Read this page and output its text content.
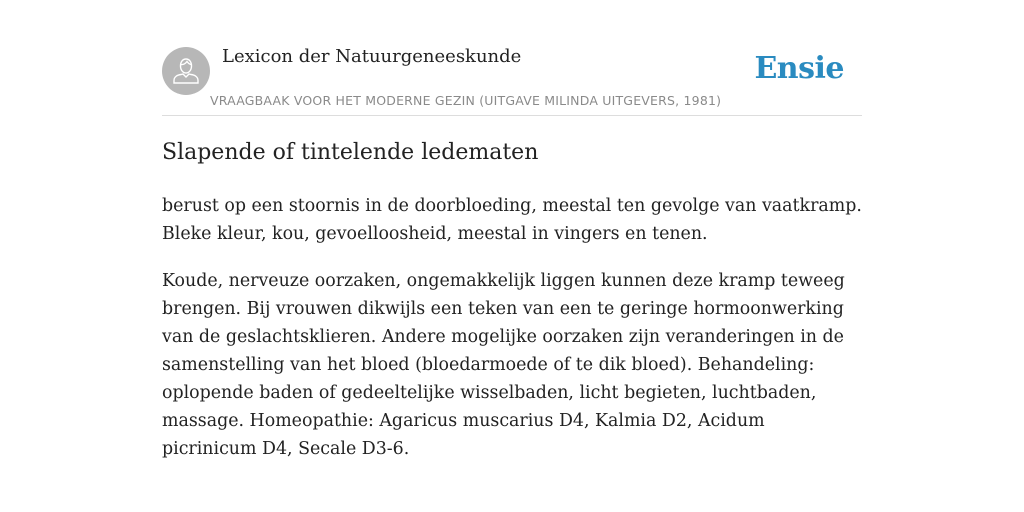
Lexicon der Natuurgeneeskunde
VRAAGBAAK VOOR HET MODERNE GEZIN (UITGAVE MILINDA UITGEVERS, 1981)
Ensie
Slapende of tintelende ledematen

berust op een stoornis in de doorbloeding, meestal ten gevolge van vaatkramp. Bleke kleur, kou, gevoelloosheid, meestal in vingers en tenen.

Koude, nerveuze oorzaken, ongemakkelijk liggen kunnen deze kramp teweeg brengen. Bij vrouwen dikwijls een teken van een te geringe hormoonwerking van de geslachtsklieren. Andere mogelijke oorzaken zijn veranderingen in de samenstelling van het bloed (bloedarmoede of te dik bloed). Behandeling: oplopende baden of gedeeltelijke wisselbaden, licht begieten, luchtbaden, massage. Homeopathie: Agaricus muscarius D4, Kalmia D2, Acidum picrinicum D4, Secale D3-6.
